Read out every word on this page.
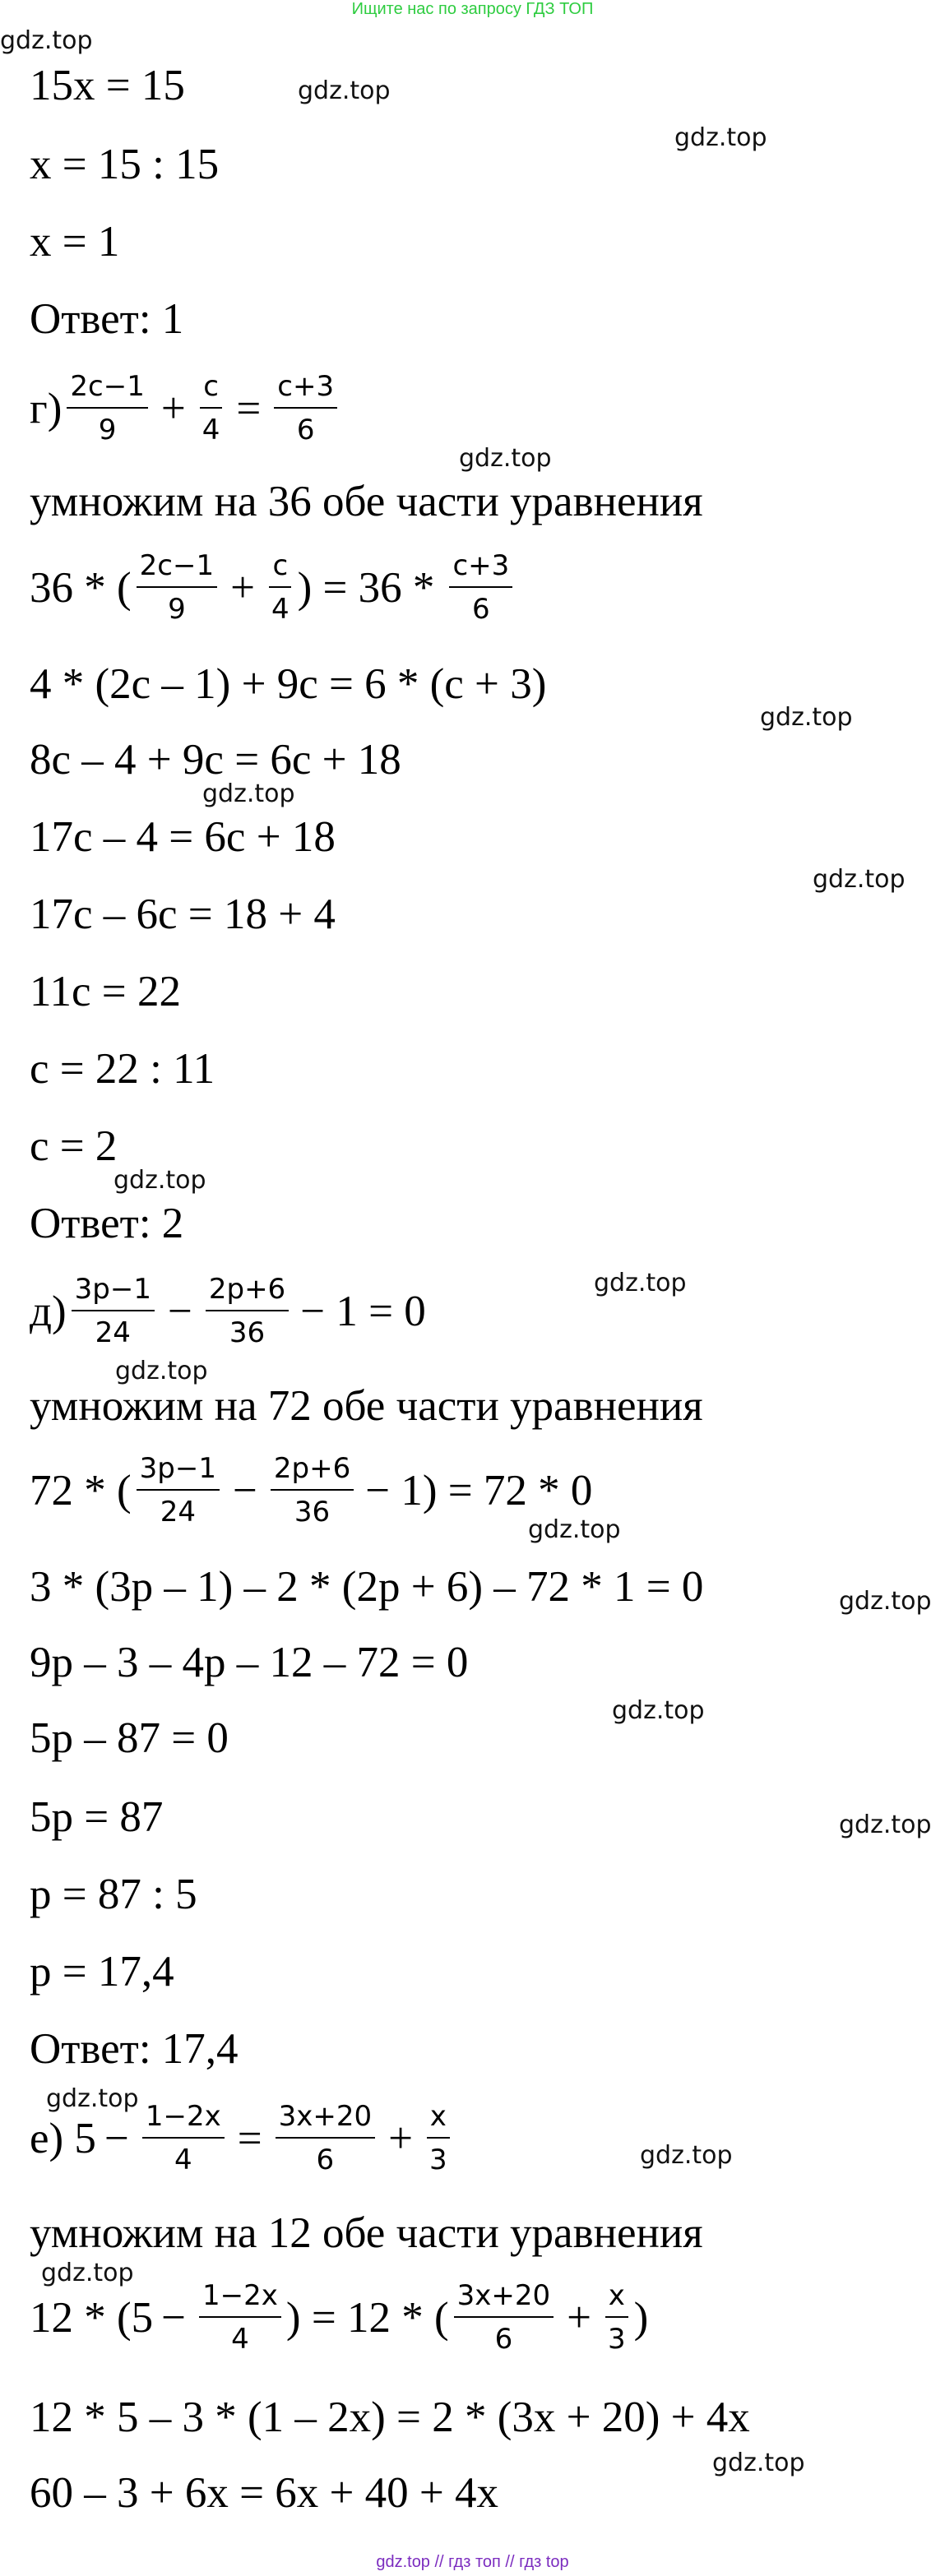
Ищите нас по запросу ГДЗ ТОП
gdz.top
gdz.top
gdz.top
gdz.top
gdz.top
gdz.top
gdz.top
gdz.top
gdz.top
gdz.top
gdz.top
gdz.top
gdz.top
gdz.top
gdz.top
gdz.top
gdz.top
gdz.top
15x = 15
x = 15 : 15
x = 1
Ответ: 1
$г) \frac{2c-1}{9} + \frac{c}{4} = \frac{c+3}{6}$
умножим на 36 обе части уравнения
36 * ( $\frac{2c-1}{9} + \frac{c}{4}$ ) = $36 * \frac{c+3}{6}$
4 * (2c – 1) + 9c = 6 * (c + 3)
8c – 4 + 9c = 6c + 18
17c – 4 = 6c + 18
17c – 6c = 18 + 4
11c = 22
c = 22 : 11
c = 2
Ответ: 2
$д) \frac{3p-1}{24} - \frac{2p+6}{36} - 1 = 0$
умножим на 72 обе части уравнения
72 * ( $\frac{3p-1}{24} - \frac{2p+6}{36} - 1) = 72 * 0$
3 * (3p – 1) – 2 * (2p + 6) – 72 * 1 = 0
9p – 3 – 4p – 12 – 72 = 0
5p – 87 = 0
5p = 87
p = 87 : 5
p = 17,4
Ответ: 17,4
е) $5 - \frac{1-2x}{4} = \frac{3x+20}{6} + \frac{x}{3}$
умножим на 12 обе части уравнения
$12 * (5 - \frac{1-2x}{4}$ ) = 12 * ( $\frac{3x+20}{6} + \frac{x}{3}$ )
12 * 5 – 3 * (1 – 2x) = 2 * (3x + 20) + 4x
60 – 3 + 6x = 6x + 40 + 4x
gdz.top // гдз топ // гдз top
